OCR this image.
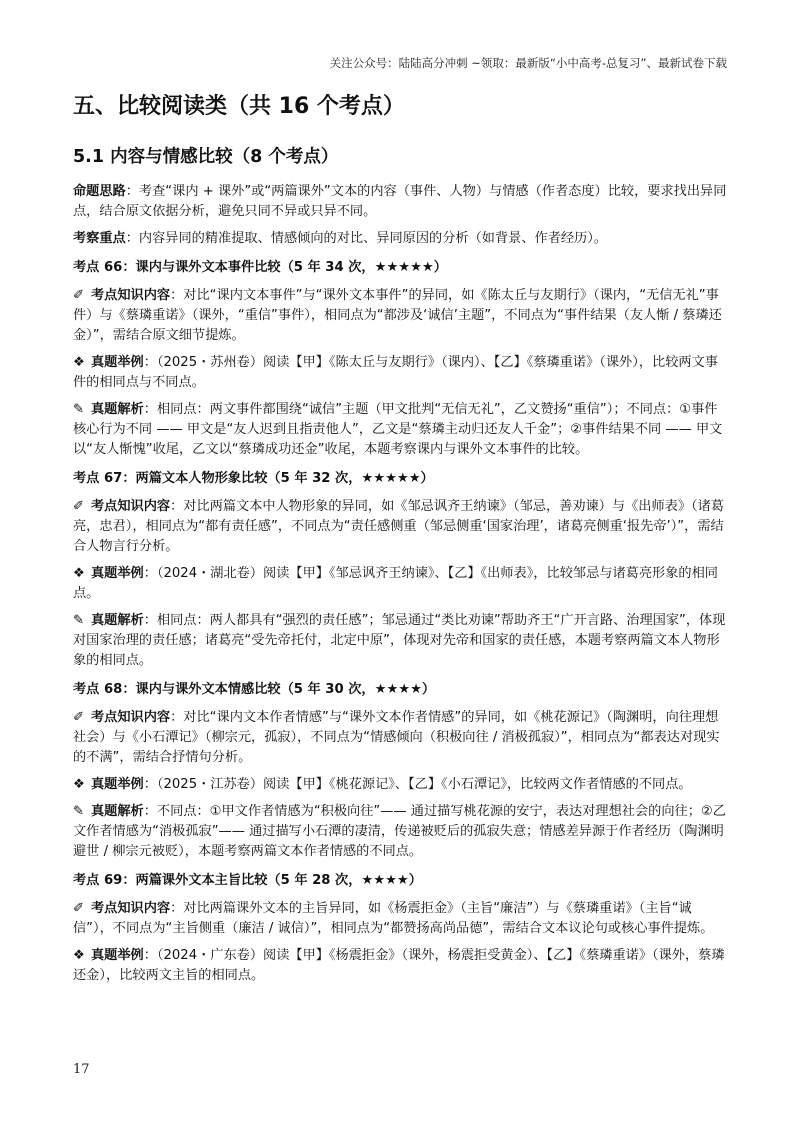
关注公众号：陆陆高分冲刺 ~领取：最新版“小中高考-总复习”、最新试卷下载
五、比较阅读类（共 16 个考点）
5.1 内容与情感比较（8 个考点）
命题思路：考查“课内 + 课外”或“两篇课外”文本的内容（事件、人物）与情感（作者态度）比较，要求找出异同点，结合原文依据分析，避免只同不异或只异不同。
考察重点：内容异同的精准提取、情感倾向的对比、异同原因的分析（如背景、作者经历）。
考点 66：课内与课外文本事件比较（5 年 34 次，★★★★★）
✐ 考点知识内容：对比“课内文本事件”与“课外文本事件”的异同，如《陈太丘与友期行》（课内，“无信无礼”事件）与《蔡璘重诺》（课外，“重信”事件），相同点为“都涉及‘诚信’主题”，不同点为“事件结果（友人惭 / 蔡璘还金）”，需结合原文细节提炼。
❖ 真题举例：（2025・苏州卷）阅读【甲】《陈太丘与友期行》（课内）、【乙】《蔡璘重诺》（课外），比较两文事件的相同点与不同点。
✎ 真题解析：相同点：两文事件都围绕“诚信”主题（甲文批判“无信无礼”，乙文赞扬“重信”）；不同点：①事件核心行为不同 —— 甲文是“友人迟到且指责他人”，乙文是“蔡璘主动归还友人千金”；②事件结果不同 —— 甲文以“友人惭愧”收尾，乙文以“蔡璘成功还金”收尾，本题考察课内与课外文本事件的比较。
考点 67：两篇文本人物形象比较（5 年 32 次，★★★★★）
✐ 考点知识内容：对比两篇文本中人物形象的异同，如《邹忌讽齐王纳谏》（邹忌，善劝谏）与《出师表》（诸葛亮，忠君），相同点为“都有责任感”，不同点为“责任感侧重（邹忌侧重‘国家治理’，诸葛亮侧重‘报先帝’）”，需结合人物言行分析。
❖ 真题举例：（2024・湖北卷）阅读【甲】《邹忌讽齐王纳谏》、【乙】《出师表》，比较邹忌与诸葛亮形象的相同点。
✎ 真题解析：相同点：两人都具有“强烈的责任感”；邹忌通过“类比劝谏”帮助齐王“广开言路、治理国家”，体现对国家治理的责任感；诸葛亮“受先帝托付，北定中原”，体现对先帝和国家的责任感，本题考察两篇文本人物形象的相同点。
考点 68：课内与课外文本情感比较（5 年 30 次，★★★★）
✐ 考点知识内容：对比“课内文本作者情感”与“课外文本作者情感”的异同，如《桃花源记》（陶渊明，向往理想社会）与《小石潭记》（柳宗元，孤寂），不同点为“情感倾向（积极向往 / 消极孤寂）”，相同点为“都表达对现实的不满”，需结合抒情句分析。
❖ 真题举例：（2025・江苏卷）阅读【甲】《桃花源记》、【乙】《小石潭记》，比较两文作者情感的不同点。
✎ 真题解析：不同点：①甲文作者情感为“积极向往”—— 通过描写桃花源的安宁，表达对理想社会的向往；②乙文作者情感为“消极孤寂”—— 通过描写小石潭的凄清，传递被贬后的孤寂失意；情感差异源于作者经历（陶渊明避世 / 柳宗元被贬），本题考察两篇文本作者情感的不同点。
考点 69：两篇课外文本主旨比较（5 年 28 次，★★★★）
✐ 考点知识内容：对比两篇课外文本的主旨异同，如《杨震拒金》（主旨“廉洁”）与《蔡璘重诺》（主旨“诚信”），不同点为“主旨侧重（廉洁 / 诚信）”，相同点为“都赞扬高尚品德”，需结合文本议论句或核心事件提炼。
❖ 真题举例：（2024・广东卷）阅读【甲】《杨震拒金》（课外，杨震拒受黄金）、【乙】《蔡璘重诺》（课外，蔡璘还金），比较两文主旨的相同点。
17
